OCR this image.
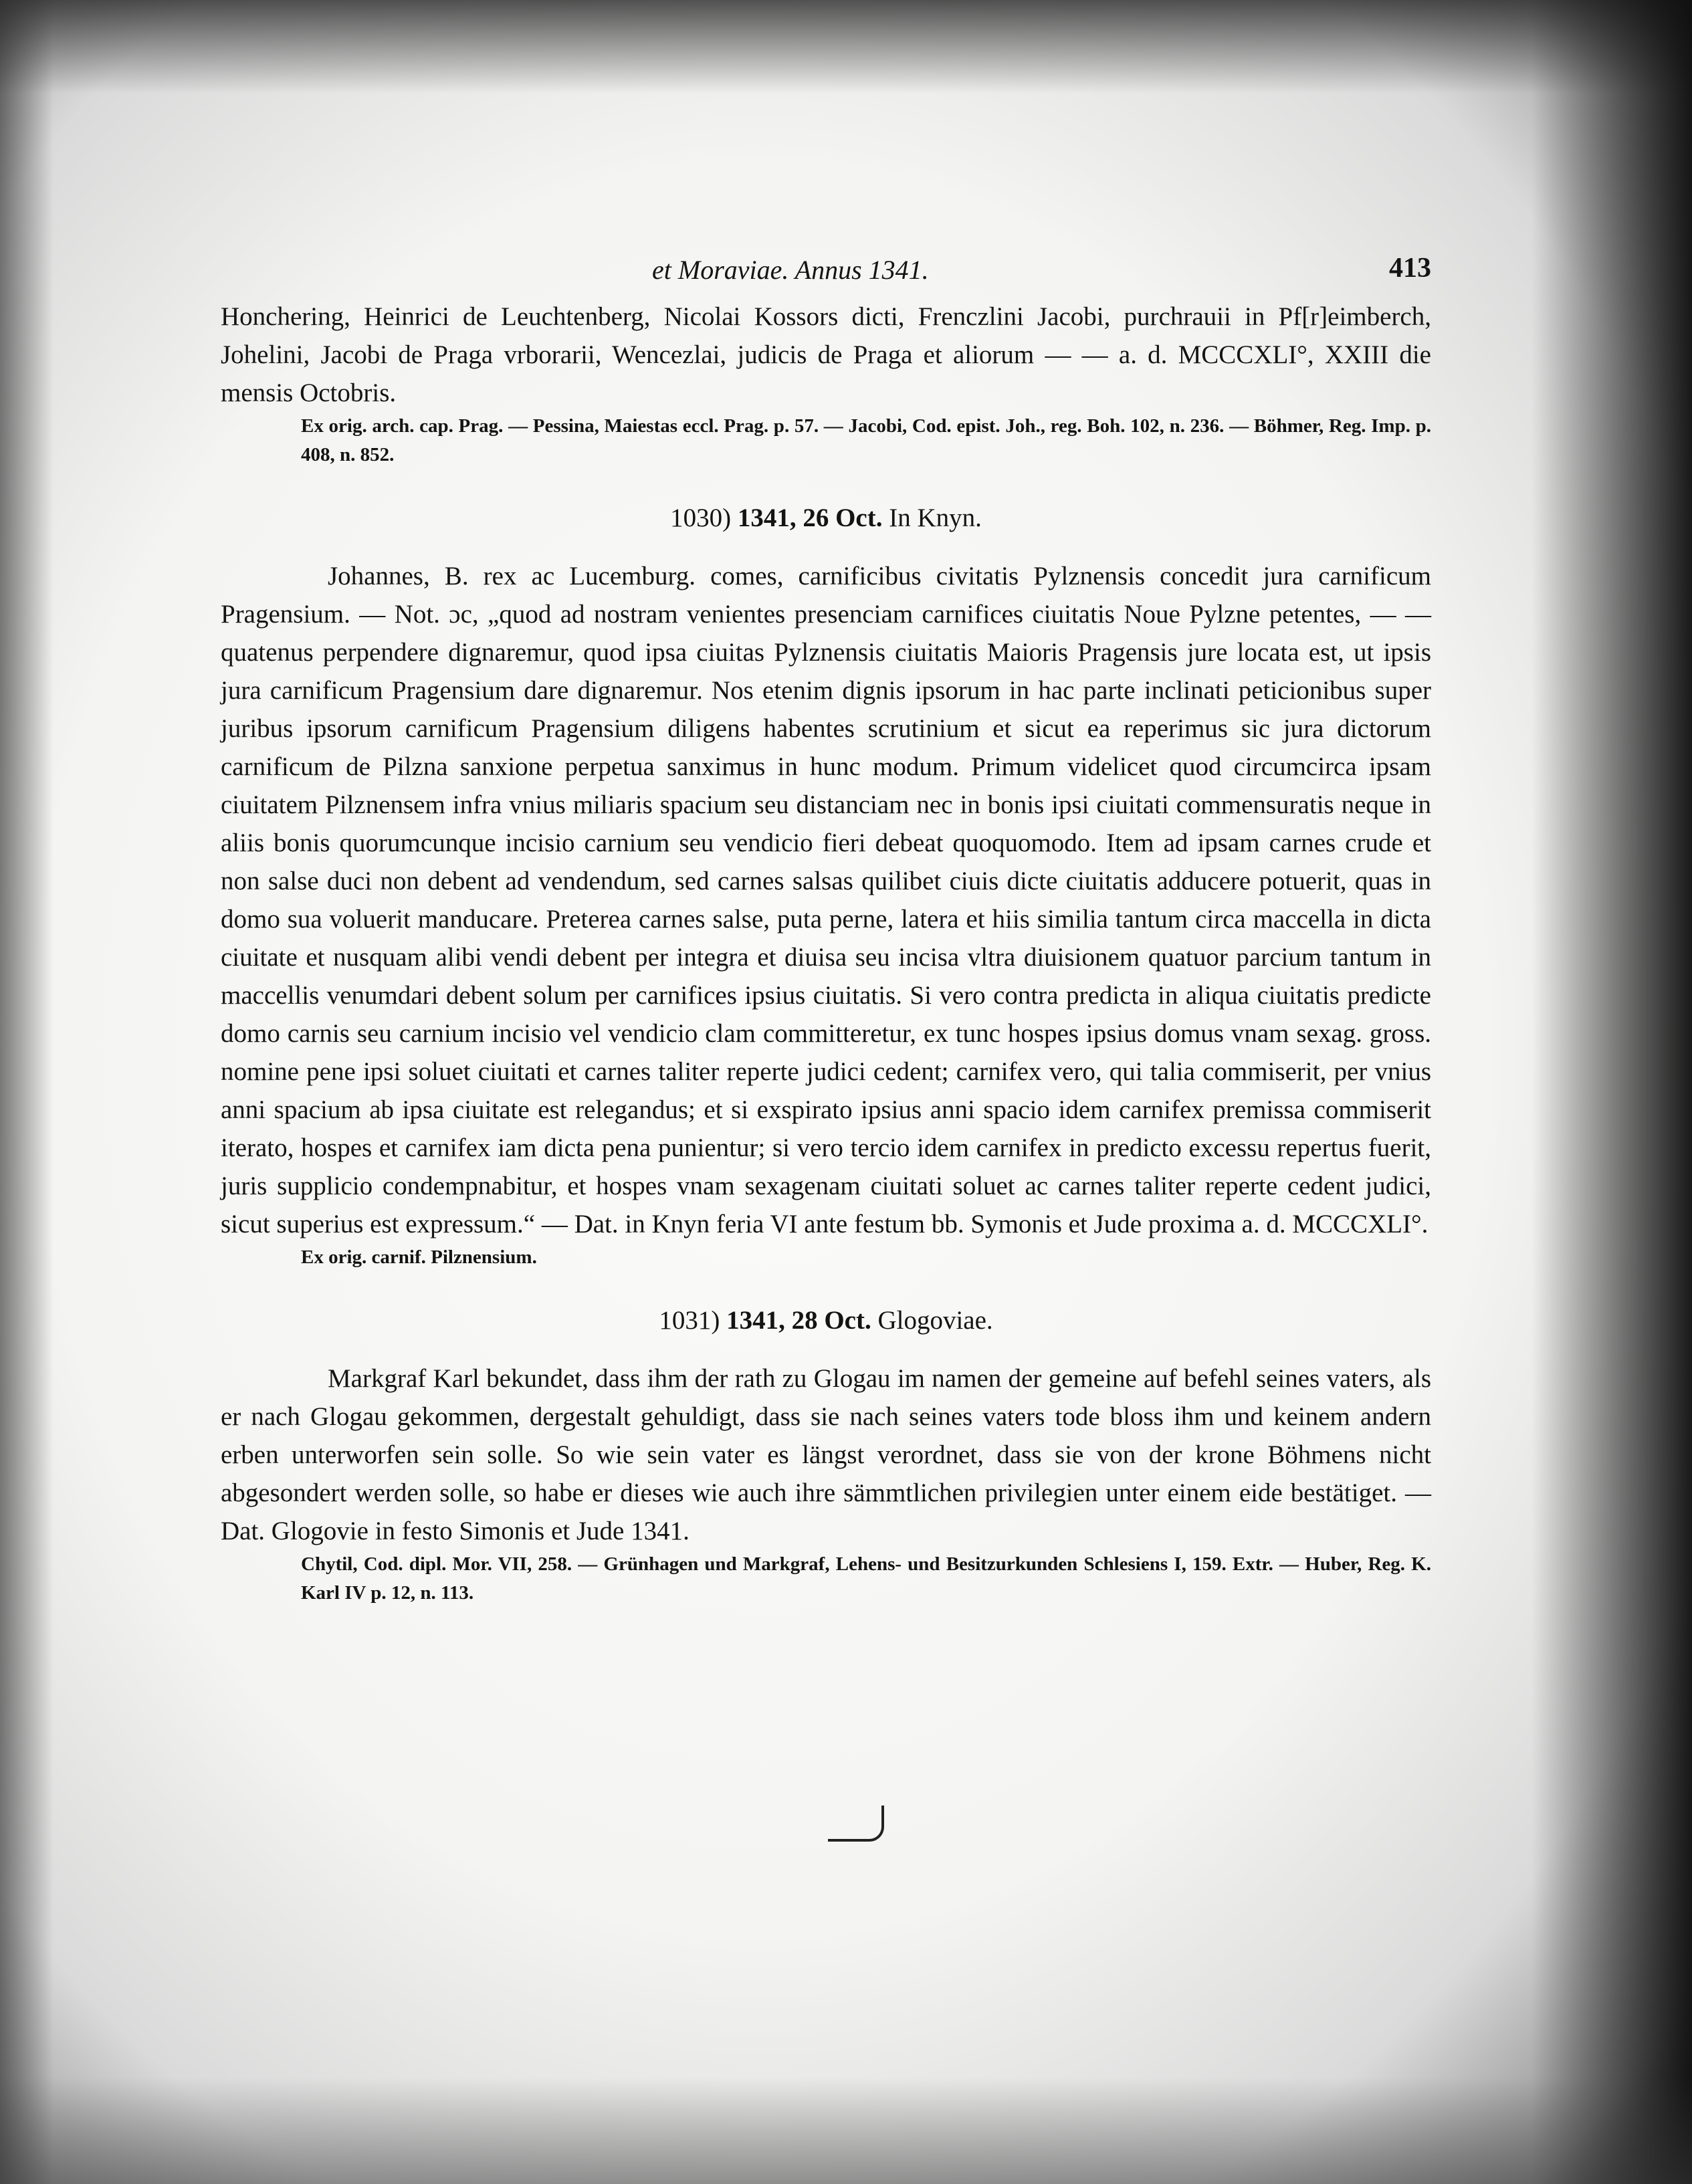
et Moraviae. Annus 1341.	413

Honchering, Heinrici de Leuchtenberg, Nicolai Kossors dicti, Frenczlini Jacobi, purchrauii in Pf[r]eimberch, Johelini, Jacobi de Praga vrborarii, Wencezlai, judicis de Praga et aliorum — — a. d. MCCCXLI°, XXIII die mensis Octobris.

Ex orig. arch. cap. Prag. — Pessina, Maiestas eccl. Prag. p. 57. — Jacobi, Cod. epist. Joh., reg. Boh. 102, n. 236. — Böhmer, Reg. Imp. p. 408, n. 852.

1030) 1341, 26 Oct. In Knyn.

Johannes, B. rex ac Lucemburg. comes, carnificibus civitatis Pylznensis concedit jura carnificum Pragensium. — Not. ɔc, „quod ad nostram venientes presenciam carnifices ciuitatis Noue Pylzne petentes, — — quatenus perpendere dignaremur, quod ipsa ciuitas Pylznensis ciuitatis Maioris Pragensis jure locata est, ut ipsis jura carnificum Pragensium dare dignaremur. Nos etenim dignis ipsorum in hac parte inclinati peticionibus super juribus ipsorum carnificum Pragensium diligens habentes scrutinium et sicut ea reperimus sic jura dictorum carnificum de Pilzna sanxione perpetua sanximus in hunc modum. Primum videlicet quod circumcirca ipsam ciuitatem Pilznensem infra vnius miliaris spacium seu distanciam nec in bonis ipsi ciuitati commensuratis neque in aliis bonis quorumcunque incisio carnium seu vendicio fieri debeat quoquomodo. Item ad ipsam carnes crude et non salse duci non debent ad vendendum, sed carnes salsas quilibet ciuis dicte ciuitatis adducere potuerit, quas in domo sua voluerit manducare. Preterea carnes salse, puta perne, latera et hiis similia tantum circa maccella in dicta ciuitate et nusquam alibi vendi debent per integra et diuisa seu incisa vltra diuisionem quatuor parcium tantum in maccellis venumdari debent solum per carnifices ipsius ciuitatis. Si vero contra predicta in aliqua ciuitatis predicte domo carnis seu carnium incisio vel vendicio clam committeretur, ex tunc hospes ipsius domus vnam sexag. gross. nomine pene ipsi soluet ciuitati et carnes taliter reperte judici cedent; carnifex vero, qui talia commiserit, per vnius anni spacium ab ipsa ciuitate est relegandus; et si exspirato ipsius anni spacio idem carnifex premissa commiserit iterato, hospes et carnifex iam dicta pena punientur; si vero tercio idem carnifex in predicto excessu repertus fuerit, juris supplicio condempnabitur, et hospes vnam sexagenam ciuitati soluet ac carnes taliter reperte cedent judici, sicut superius est expressum.“ — Dat. in Knyn feria VI ante festum bb. Symonis et Jude proxima a. d. MCCCXLI°.

Ex orig. carnif. Pilznensium.

1031) 1341, 28 Oct. Glogoviae.

Markgraf Karl bekundet, dass ihm der rath zu Glogau im namen der gemeine auf befehl seines vaters, als er nach Glogau gekommen, dergestalt gehuldigt, dass sie nach seines vaters tode bloss ihm und keinem andern erben unterworfen sein solle. So wie sein vater es längst verordnet, dass sie von der krone Böhmens nicht abgesondert werden solle, so habe er dieses wie auch ihre sämmtlichen privilegien unter einem eide bestätiget. — Dat. Glogovie in festo Simonis et Jude 1341.

Chytil, Cod. dipl. Mor. VII, 258. — Grünhagen und Markgraf, Lehens- und Besitzurkunden Schlesiens I, 159. Extr. — Huber, Reg. K. Karl IV p. 12, n. 113.
